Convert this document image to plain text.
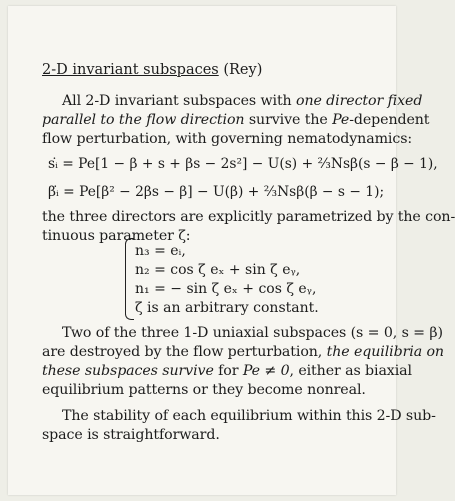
2-D invariant subspaces (Rey)
All 2-D invariant subspaces with one director fixed
parallel to the flow direction survive the Pe-dependent
flow perturbation, with governing nematodynamics:
sᵢ̇ = Pe[1 − β + s + βs − 2s²] − U(s) + ⅔Nsβ(s − β − 1),
βᵢ̇ = Pe[β² − 2βs − β] − U(β) + ⅔Nsβ(β − s − 1);
the three directors are explicitly parametrized by the con-
tinuous parameter ζ:
n₃ = eᵢ,
n₂ = cos ζ eₓ + sin ζ eᵧ,
n₁ = − sin ζ eₓ + cos ζ eᵧ,
ζ is an arbitrary constant.
Two of the three 1-D uniaxial subspaces (s = 0, s = β)
are destroyed by the flow perturbation, the equilibria on
these subspaces survive for Pe ≠ 0, either as biaxial
equilibrium patterns or they become nonreal.
The stability of each equilibrium within this 2-D sub-
space is straightforward.
